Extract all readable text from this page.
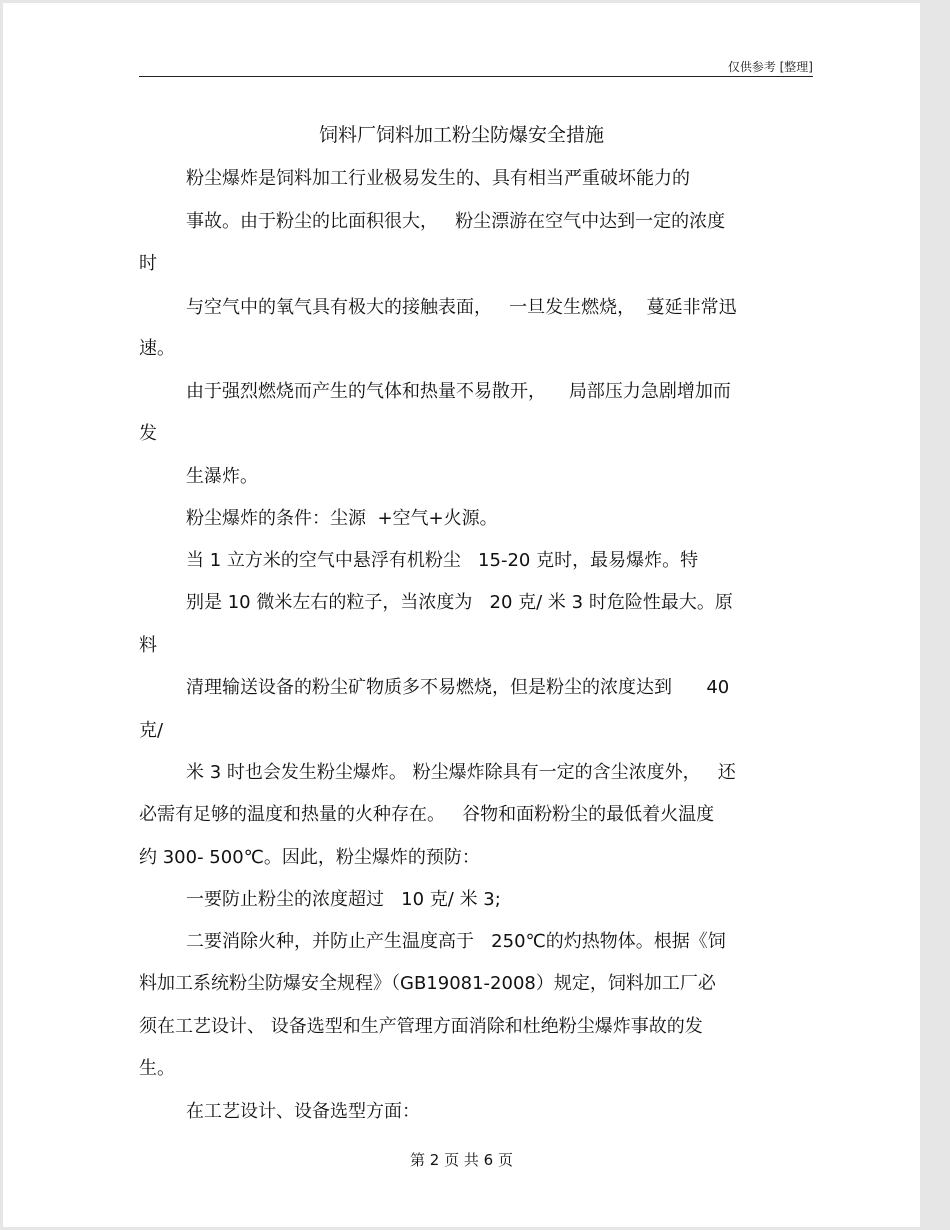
仅供参考 [整理]
饲料厂饲料加工粉尘防爆安全措施
粉尘爆炸是饲料加工行业极易发生的、具有相当严重破坏能力的
事故。由于粉尘的比面积很大，   粉尘漂游在空气中达到一定的浓度
时
与空气中的氧气具有极大的接触表面，   一旦发生燃烧，  蔓延非常迅
速。
由于强烈燃烧而产生的气体和热量不易散开，    局部压力急剧增加而
发
生瀑炸。
粉尘爆炸的条件：尘源  +空气+火源。
当 1 立方米的空气中悬浮有机粉尘   15-20 克时，最易爆炸。特
别是 10 微米左右的粒子，当浓度为   20 克/ 米 3 时危险性最大。原
料
清理输送设备的粉尘矿物质多不易燃烧，但是粉尘的浓度达到      40
克/
米 3 时也会发生粉尘爆炸。 粉尘爆炸除具有一定的含尘浓度外，   还
必需有足够的温度和热量的火种存在。   谷物和面粉粉尘的最低着火温度
约 300- 500℃。因此，粉尘爆炸的预防：
一要防止粉尘的浓度超过   10 克/ 米 3;
二要消除火种，并防止产生温度高于   250℃的灼热物体。根据《饲
料加工系统粉尘防爆安全规程》（GB19081-2008）规定，饲料加工厂必
须在工艺设计、 设备选型和生产管理方面消除和杜绝粉尘爆炸事故的发
生。
在工艺设计、设备选型方面：
第 2 页 共 6 页
